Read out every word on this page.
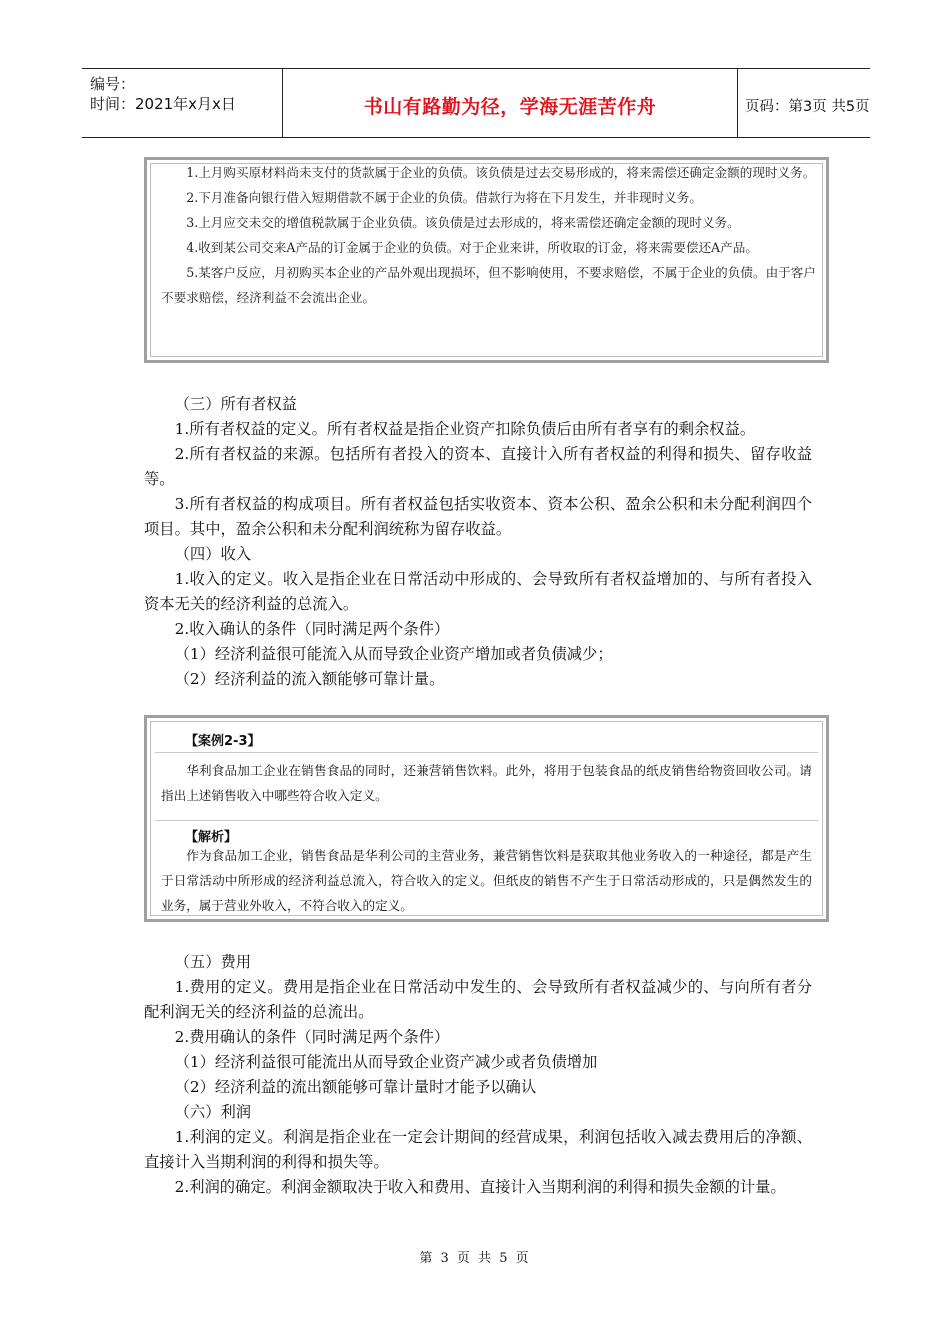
编号：
时间：2021年x月x日	书山有路勤为径，学海无涯苦作舟	页码：第3页 共5页

1.上月购买原材料尚未支付的货款属于企业的负债。该负债是过去交易形成的，将来需偿还确定金额的现时义务。

2.下月准备向银行借入短期借款不属于企业的负债。借款行为将在下月发生，并非现时义务。

3.上月应交未交的增值税款属于企业负债。该负债是过去形成的，将来需偿还确定金额的现时义务。

4.收到某公司交来A产品的订金属于企业的负债。对于企业来讲，所收取的订金，将来需要偿还A产品。

5.某客户反应，月初购买本企业的产品外观出现损坏，但不影响使用，不要求赔偿，不属于企业的负债。由于客户不要求赔偿，经济利益不会流出企业。

（三）所有者权益

1.所有者权益的定义。所有者权益是指企业资产扣除负债后由所有者享有的剩余权益。

2.所有者权益的来源。包括所有者投入的资本、直接计入所有者权益的利得和损失、留存收益等。

3.所有者权益的构成项目。所有者权益包括实收资本、资本公积、盈余公积和未分配利润四个项目。其中，盈余公积和未分配利润统称为留存收益。

（四）收入

1.收入的定义。收入是指企业在日常活动中形成的、会导致所有者权益增加的、与所有者投入资本无关的经济利益的总流入。

2.收入确认的条件（同时满足两个条件）

（1）经济利益很可能流入从而导致企业资产增加或者负债减少；

（2）经济利益的流入额能够可靠计量。

【案例2-3】

华利食品加工企业在销售食品的同时，还兼营销售饮料。此外，将用于包装食品的纸皮销售给物资回收公司。请指出上述销售收入中哪些符合收入定义。

【解析】

作为食品加工企业，销售食品是华利公司的主营业务，兼营销售饮料是获取其他业务收入的一种途径，都是产生于日常活动中所形成的经济利益总流入，符合收入的定义。但纸皮的销售不产生于日常活动形成的，只是偶然发生的业务，属于营业外收入，不符合收入的定义。

（五）费用

1.费用的定义。费用是指企业在日常活动中发生的、会导致所有者权益减少的、与向所有者分配利润无关的经济利益的总流出。

2.费用确认的条件（同时满足两个条件）

（1）经济利益很可能流出从而导致企业资产减少或者负债增加

（2）经济利益的流出额能够可靠计量时才能予以确认

（六）利润

1.利润的定义。利润是指企业在一定会计期间的经营成果，利润包括收入减去费用后的净额、直接计入当期利润的利得和损失等。

2.利润的确定。利润金额取决于收入和费用、直接计入当期利润的利得和损失金额的计量。

第 3 页 共 5 页
